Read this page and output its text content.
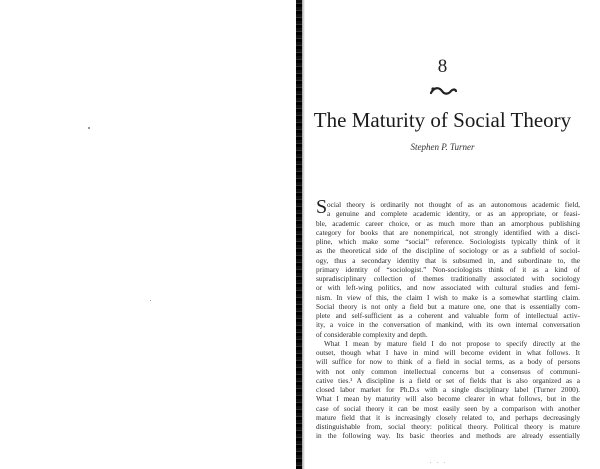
8
The Maturity of Social Theory
Stephen P. Turner
S ocial theory is ordinarily not thought of as an autonomous academic field,
a genuine and complete academic identity, or as an appropriate, or feasi-
ble, academic career choice, or as much more than an amorphous publishing
category for books that are nonempirical, not strongly identified with a disci-
pline, which make some “social” reference. Sociologists typically think of it
as the theoretical side of the discipline of sociology or as a subfield of sociol-
ogy, thus a secondary identity that is subsumed in, and subordinate to, the
primary identity of “sociologist.” Non-sociologists think of it as a kind of
supradisciplinary collection of themes traditionally associated with sociology
or with left-wing politics, and now associated with cultural studies and femi-
nism. In view of this, the claim I wish to make is a somewhat startling claim.
Social theory is not only a field but a mature one, one that is essentially com-
plete and self-sufficient as a coherent and valuable form of intellectual activ-
ity, a voice in the conversation of mankind, with its own internal conversation
of considerable complexity and depth.
What I mean by mature field I do not propose to specify directly at the
outset, though what I have in mind will become evident in what follows. It
will suffice for now to think of a field in social terms, as a body of persons
with not only common intellectual concerns but a consensus of communi-
cative ties.¹ A discipline is a field or set of fields that is also organized as a
closed labor market for Ph.D.s with a single disciplinary label (Turner 2000).
What I mean by maturity will also become clearer in what follows, but in the
case of social theory it can be most easily seen by a comparison with another
mature field that it is increasingly closely related to, and perhaps decreasingly
distinguishable from, social theory: political theory. Political theory is mature
in the following way. Its basic theories and methods are already essentially
. . .
